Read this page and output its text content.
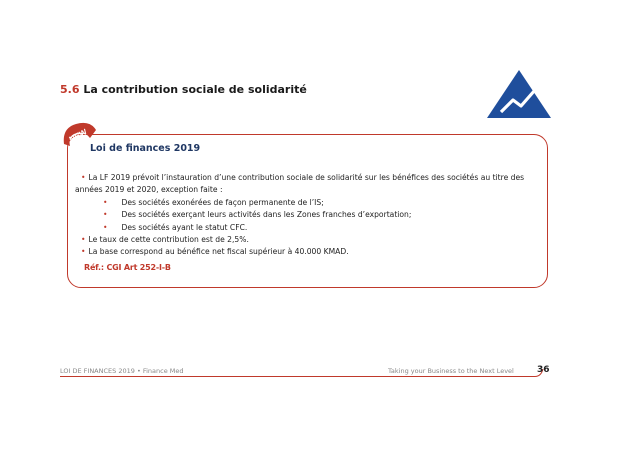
5.6 La contribution sociale de solidarité
NEW
Loi de finances 2019
• La LF 2019 prévoit l’instauration d’une contribution sociale de solidarité sur les bénéfices des sociétés au titre des
années 2019 et 2020, exception faite :
• Des sociétés exonérées de façon permanente de l’IS;
• Des sociétés exerçant leurs activités dans les Zones franches d’exportation;
• Des sociétés ayant le statut CFC.
• Le taux de cette contribution est de 2,5%.
• La base correspond au bénéfice net fiscal supérieur à 40.000 KMAD.
Réf.: CGI Art 252-I-B
LOI DE FINANCES 2019 • Finance Med	Taking your Business to the Next Level	36
